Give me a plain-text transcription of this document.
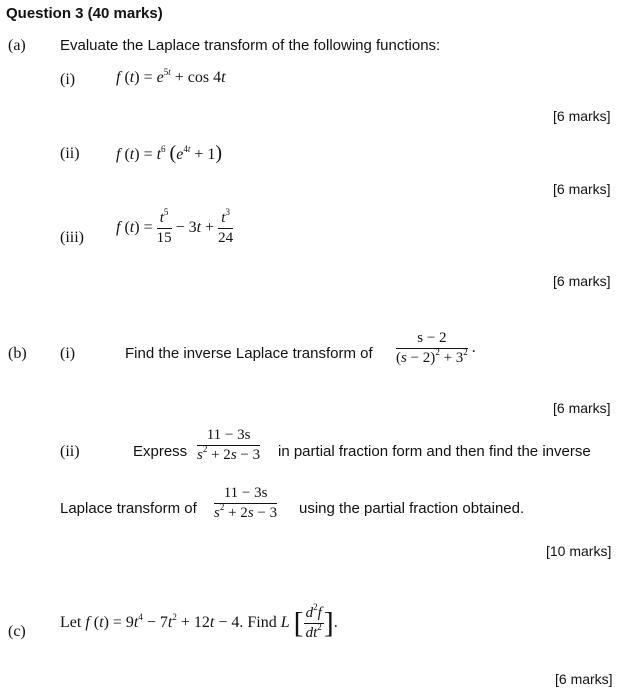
Question 3 (40 marks)
(a) Evaluate the Laplace transform of the following functions:
(i)	f $(t) = e^{5t} + \cos 4t$
[6 marks]
(ii) f $(t) = t^6$ $(e^{4t} + 1)$
[6 marks]
(iii)
f $(t) = \frac{t^5}{15} - 3t + \frac{t^3}{24}$
[6 marks]
(b) (i)	Find the inverse Laplace transform of $\frac{s - 2}{(s - 2)^2 + 3^2}$ .
[6 marks]
(ii)	Express $\frac{11 - 3s}{s^2 + 2s - 3}$ in partial fraction form and then find the inverse
Laplace transform of $\frac{11 - 3s}{s^2 + 2s - 3}$ using the partial fraction obtained.
[10 marks]
(c)
Let f $(t) = 9t^4 - 7t^2 + 12t - 4$. Find L [ $\frac{d^2f}{dt^2}$ ].
[6 marks]
